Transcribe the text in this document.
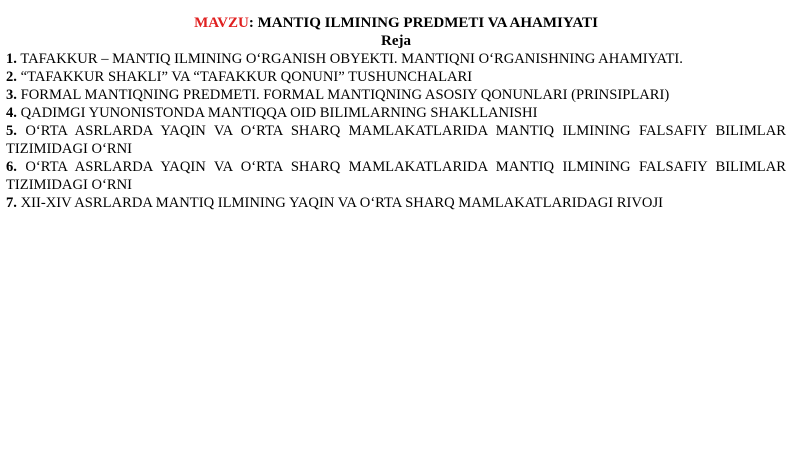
MAVZU: MANTIQ ILMINING PREDMETI VA AHAMIYATI

Reja

1. TAFAKKUR – MANTIQ ILMINING O‘RGANISH OBYEKTI. MANTIQNI O‘RGANISHNING AHAMIYATI.
2. “TAFAKKUR SHAKLI” VA “TAFAKKUR QONUNI” TUSHUNCHALARI
3. FORMAL MANTIQNING PREDMETI. FORMAL MANTIQNING ASOSIY QONUNLARI (PRINSIPLARI)
4. QADIMGI YUNONISTONDA MANTIQQA OID BILIMLARNING SHAKLLANISHI
5. O‘RTA ASRLARDA YAQIN VA O‘RTA SHARQ MAMLAKATLARIDA MANTIQ ILMINING FALSAFIY BILIMLAR TIZIMIDAGI O‘RNI
6. O‘RTA ASRLARDA YAQIN VA O‘RTA SHARQ MAMLAKATLARIDA MANTIQ ILMINING FALSAFIY BILIMLAR TIZIMIDAGI O‘RNI
7. XII-XIV ASRLARDA MANTIQ ILMINING YAQIN VA O‘RTA SHARQ MAMLAKATLARIDAGI RIVOJI
